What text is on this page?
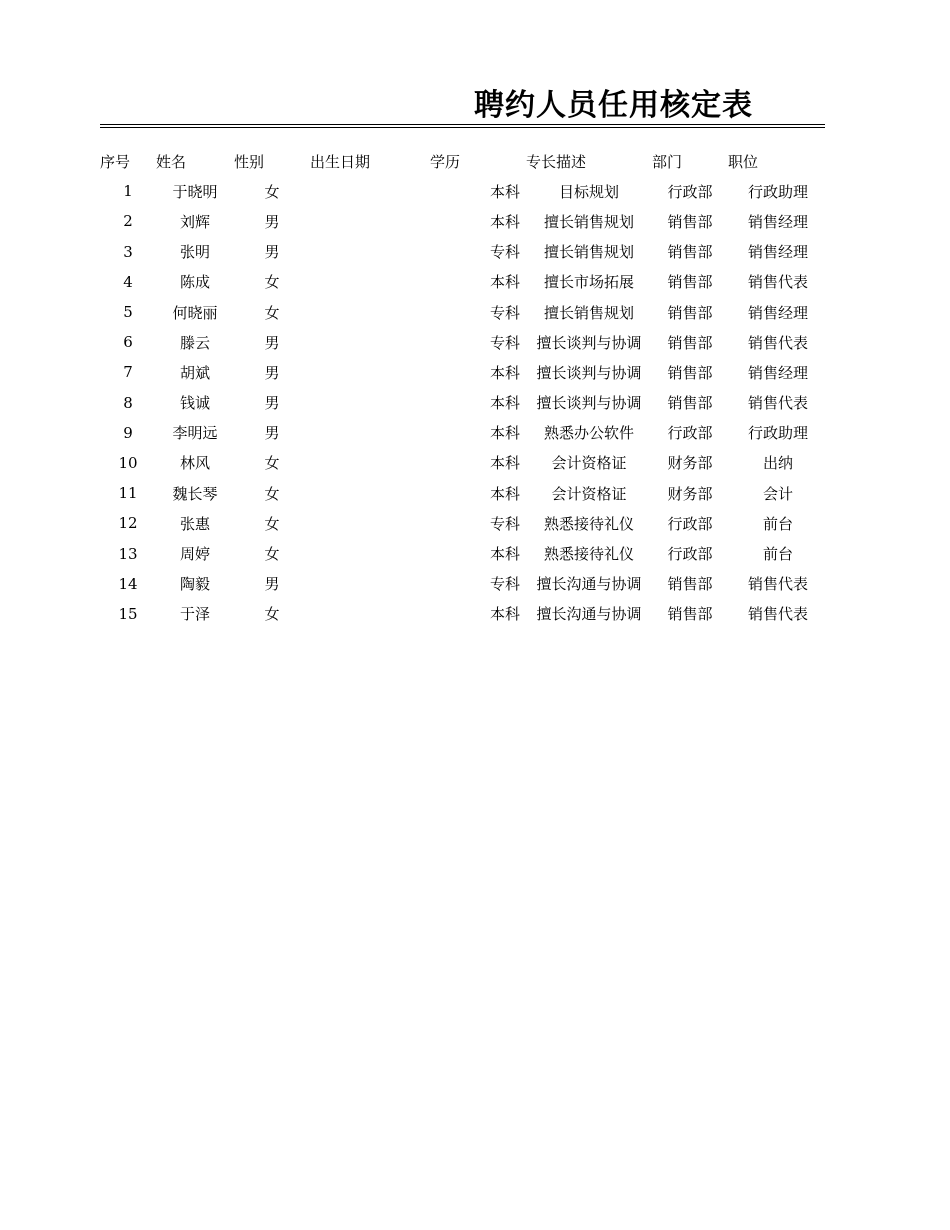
聘约人员任用核定表
序号	姓名	性别	出生日期	学历	专长描述	部门	职位
1	于晓明	女		本科	目标规划	行政部	行政助理
2	刘辉	男		本科	擅长销售规划	销售部	销售经理
3	张明	男		专科	擅长销售规划	销售部	销售经理
4	陈成	女		本科	擅长市场拓展	销售部	销售代表
5	何晓丽	女		专科	擅长销售规划	销售部	销售经理
6	滕云	男		专科	擅长谈判与协调	销售部	销售代表
7	胡斌	男		本科	擅长谈判与协调	销售部	销售经理
8	钱诚	男		本科	擅长谈判与协调	销售部	销售代表
9	李明远	男		本科	熟悉办公软件	行政部	行政助理
10	林风	女		本科	会计资格证	财务部	出纳
11	魏长琴	女		本科	会计资格证	财务部	会计
12	张惠	女		专科	熟悉接待礼仪	行政部	前台
13	周婷	女		本科	熟悉接待礼仪	行政部	前台
14	陶毅	男		专科	擅长沟通与协调	销售部	销售代表
15	于泽	女		本科	擅长沟通与协调	销售部	销售代表
